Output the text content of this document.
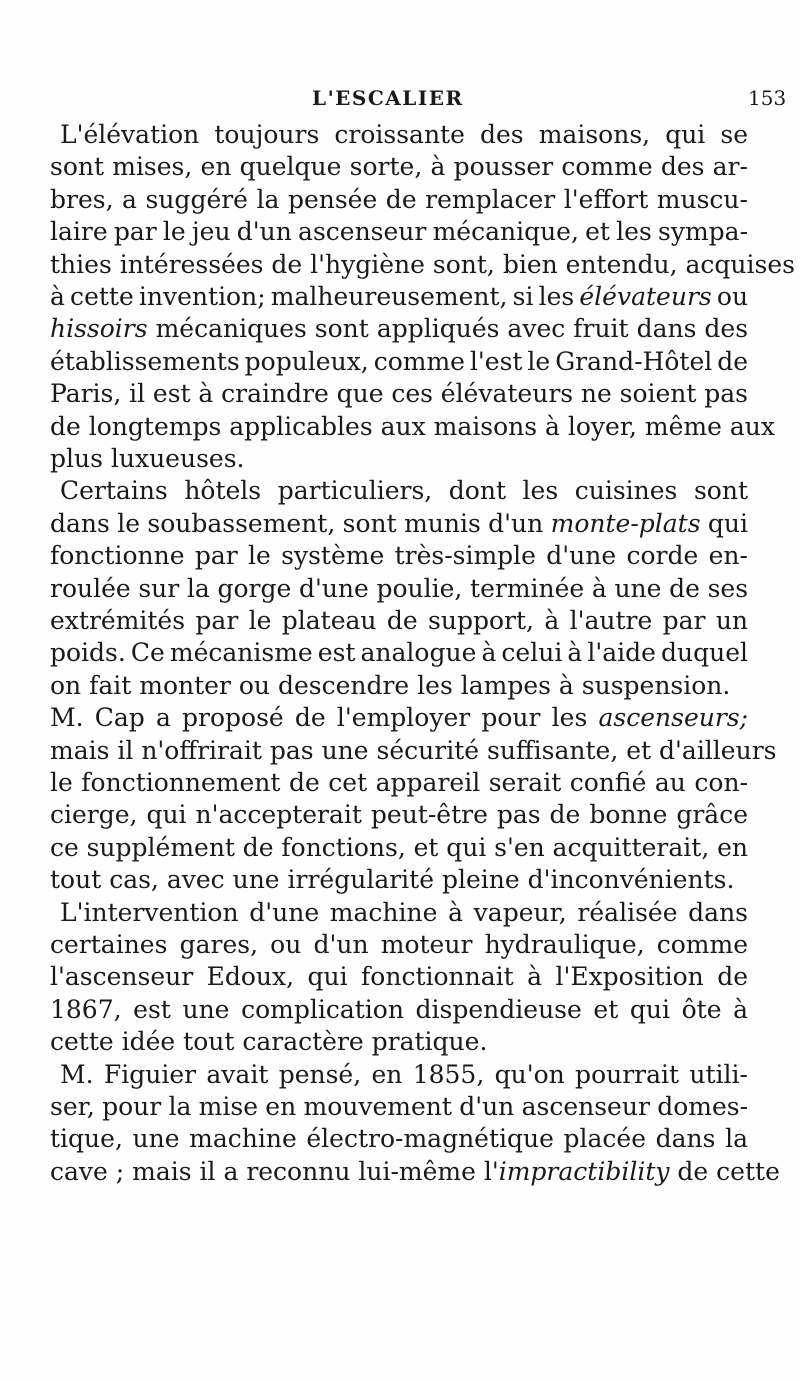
L'ESCALIER	153
L'élévation toujours croissante des maisons, qui se
sont mises, en quelque sorte, à pousser comme des ar-
bres, a suggéré la pensée de remplacer l'effort muscu-
laire par le jeu d'un ascenseur mécanique, et les sympa-
thies intéressées de l'hygiène sont, bien entendu, acquises
à cette invention; malheureusement, si les élévateurs ou
hissoirs mécaniques sont appliqués avec fruit dans des
établissements populeux, comme l'est le Grand-Hôtel de
Paris, il est à craindre que ces élévateurs ne soient pas
de longtemps applicables aux maisons à loyer, même aux
plus luxueuses.
Certains hôtels particuliers, dont les cuisines sont
dans le soubassement, sont munis d'un monte-plats qui
fonctionne par le système très-simple d'une corde en-
roulée sur la gorge d'une poulie, terminée à une de ses
extrémités par le plateau de support, à l'autre par un
poids. Ce mécanisme est analogue à celui à l'aide duquel
on fait monter ou descendre les lampes à suspension.
M. Cap a proposé de l'employer pour les ascenseurs;
mais il n'offrirait pas une sécurité suffisante, et d'ailleurs
le fonctionnement de cet appareil serait confié au con-
cierge, qui n'accepterait peut-être pas de bonne grâce
ce supplément de fonctions, et qui s'en acquitterait, en
tout cas, avec une irrégularité pleine d'inconvénients.
L'intervention d'une machine à vapeur, réalisée dans
certaines gares, ou d'un moteur hydraulique, comme
l'ascenseur Edoux, qui fonctionnait à l'Exposition de
1867, est une complication dispendieuse et qui ôte à
cette idée tout caractère pratique.
M. Figuier avait pensé, en 1855, qu'on pourrait utili-
ser, pour la mise en mouvement d'un ascenseur domes-
tique, une machine électro-magnétique placée dans la
cave ; mais il a reconnu lui-même l'impractibility de cette
